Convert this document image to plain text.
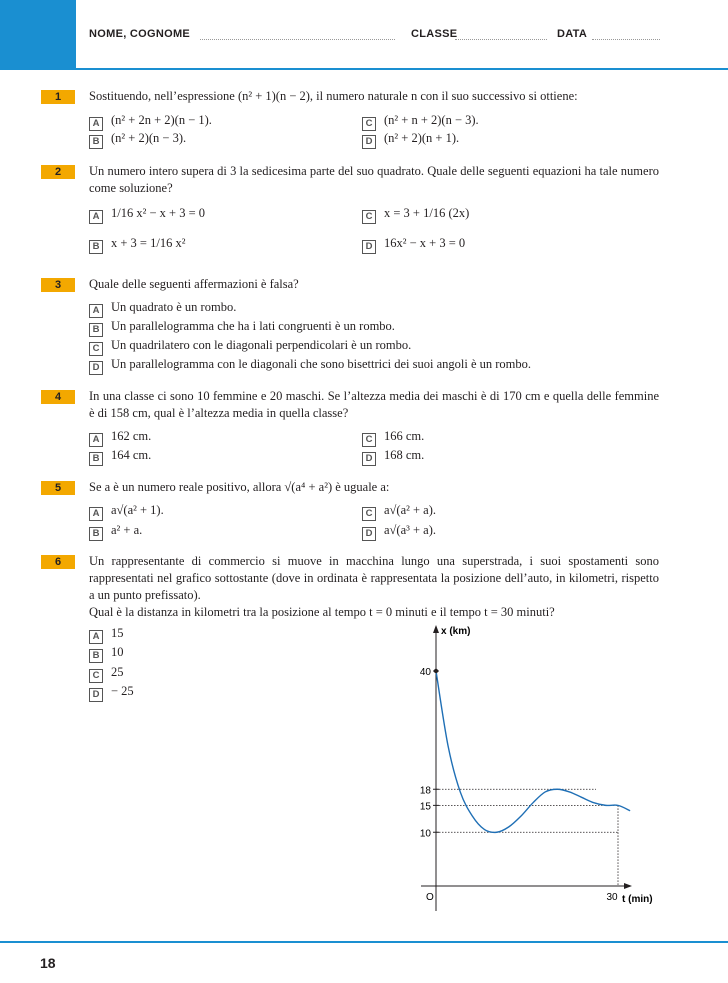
NOME, COGNOME	CLASSE	DATA
1	Sostituendo, nell’espressione (n² + 1)(n − 2), il numero naturale n con il suo successivo si ottiene:
A (n² + 2n + 2)(n − 1).
B (n² + 2)(n − 3).
C (n² + n + 2)(n − 3).
D (n² + 2)(n + 1).
2	Un numero intero supera di 3 la sedicesima parte del suo quadrato. Quale delle seguenti equazioni ha tale numero come soluzione?
A 1/16 x² − x + 3 = 0
B x + 3 = 1/16 x²
C x = 3 + 1/16 (2x)
D 16x² − x + 3 = 0
3	Quale delle seguenti affermazioni è falsa?
A Un quadrato è un rombo.
B Un parallelogramma che ha i lati congruenti è un rombo.
C Un quadrilatero con le diagonali perpendicolari è un rombo.
D Un parallelogramma con le diagonali che sono bisettrici dei suoi angoli è un rombo.
4	In una classe ci sono 10 femmine e 20 maschi. Se l’altezza media dei maschi è di 170 cm e quella delle femmine è di 158 cm, qual è l’altezza media in quella classe?
A 162 cm.
B 164 cm.
C 166 cm.
D 168 cm.
5	Se a è un numero reale positivo, allora √(a⁴ + a²) è uguale a:
A a√(a² + 1).
B a² + a.
C a√(a² + a).
D a√(a³ + a).
6	Un rappresentante di commercio si muove in macchina lungo una superstrada, i suoi spostamenti sono rappresentati nel grafico sottostante (dove in ordinata è rappresentata la posizione dell’auto, in kilometri, rispetto a un punto prefissato).
Qual è la distanza in kilometri tra la posizione al tempo t = 0 minuti e il tempo t = 30 minuti?
A 15
B 10
C 25
D − 25
x (km)
t (min)
O
10
15
18
40
30
18
